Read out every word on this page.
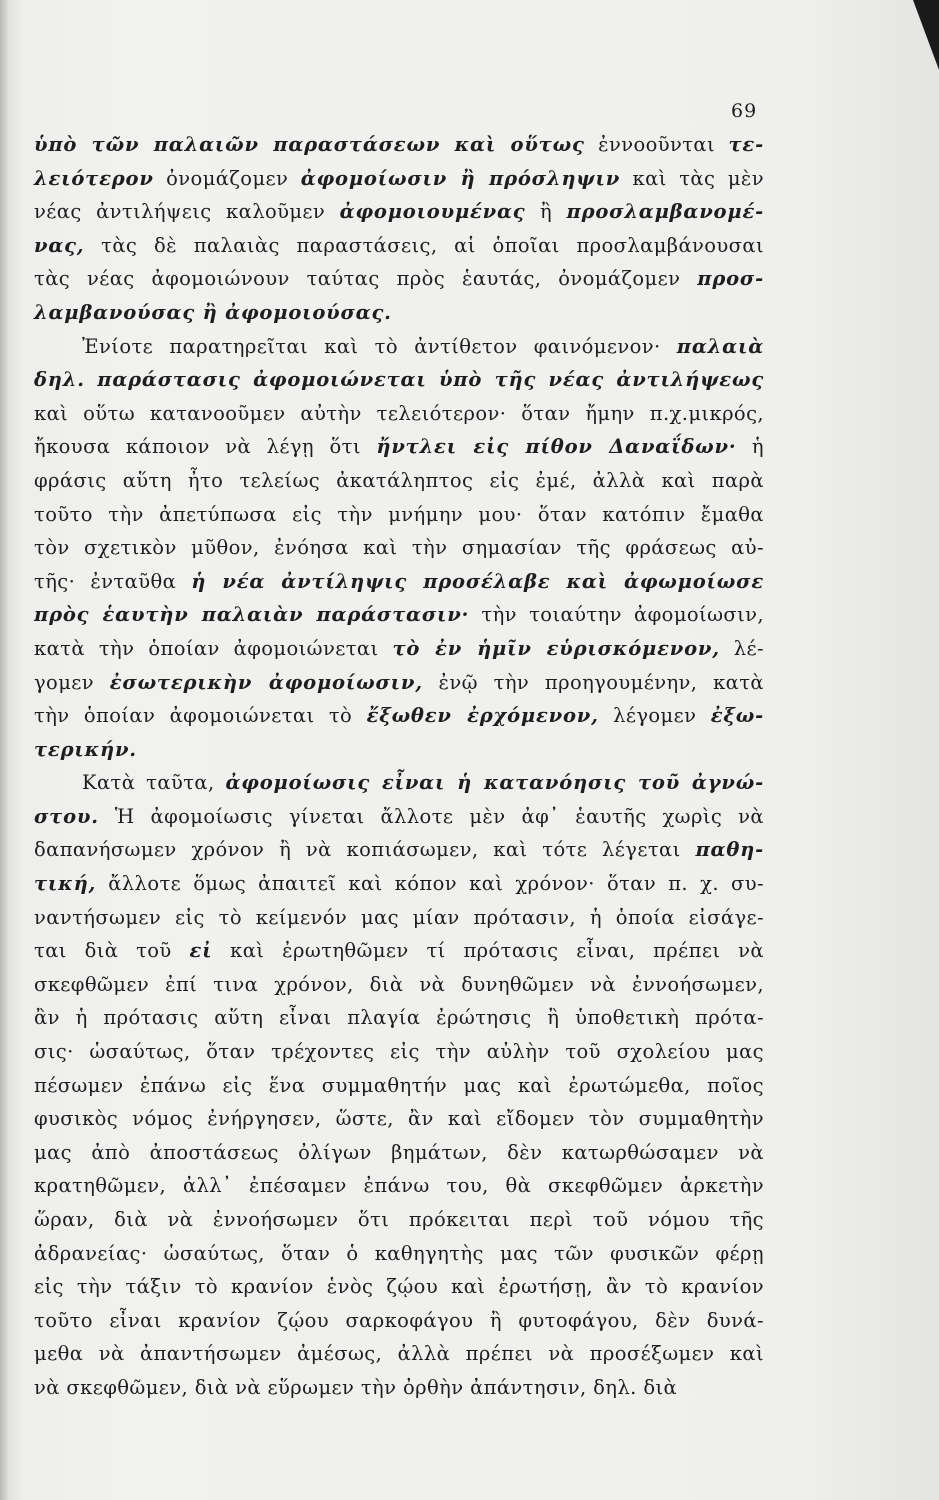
69
ὑπὸ τῶν παλαιῶν παραστάσεων καὶ οὕτως ἐννοοῦνται τε-
λειότερον ὀνομάζομεν ἀφομοίωσιν ἢ πρόσληψιν καὶ τὰς μὲν
νέας ἀντιλήψεις καλοῦμεν ἀφομοιουμένας ἢ προσλαμβανομέ-
νας, τὰς δὲ παλαιὰς παραστάσεις, αἱ ὁποῖαι προσλαμβάνουσαι
τὰς νέας ἀφομοιώνουν ταύτας πρὸς ἑαυτάς, ὀνομάζομεν προσ-
λαμβανούσας ἢ ἀφομοιούσας.
Ἐνίοτε παρατηρεῖται καὶ τὸ ἀντίθετον φαινόμενον· παλαιὰ
δηλ. παράστασις ἀφομοιώνεται ὑπὸ τῆς νέας ἀντιλήψεως
καὶ οὕτω κατανοοῦμεν αὐτὴν τελειότερον· ὅταν ἤμην π.χ.μικρός,
ἤκουσα κάποιον νὰ λέγῃ ὅτι ἤντλει εἰς πίθον Δαναΐδων· ἡ
φράσις αὕτη ἦτο τελείως ἀκατάληπτος εἰς ἐμέ, ἀλλὰ καὶ παρὰ
τοῦτο τὴν ἀπετύπωσα εἰς τὴν μνήμην μου· ὅταν κατόπιν ἔμαθα
τὸν σχετικὸν μῦθον, ἐνόησα καὶ τὴν σημασίαν τῆς φράσεως αὐ-
τῆς· ἐνταῦθα ἡ νέα ἀντίληψις προσέλαβε καὶ ἀφωμοίωσε
πρὸς ἑαυτὴν παλαιὰν παράστασιν· τὴν τοιαύτην ἀφομοίωσιν,
κατὰ τὴν ὁποίαν ἀφομοιώνεται τὸ ἐν ἡμῖν εὑρισκόμενον, λέ-
γομεν ἐσωτερικὴν ἀφομοίωσιν, ἐνῷ τὴν προηγουμένην, κατὰ
τὴν ὁποίαν ἀφομοιώνεται τὸ ἔξωθεν ἐρχόμενον, λέγομεν ἐξω-
τερικήν.
Κατὰ ταῦτα, ἀφομοίωσις εἶναι ἡ κατανόησις τοῦ ἀγνώ-
στου. Ἡ ἀφομοίωσις γίνεται ἄλλοτε μὲν ἀφ᾽ ἑαυτῆς χωρὶς νὰ
δαπανήσωμεν χρόνον ἢ νὰ κοπιάσωμεν, καὶ τότε λέγεται παθη-
τική, ἄλλοτε ὅμως ἀπαιτεῖ καὶ κόπον καὶ χρόνον· ὅταν π. χ. συ-
ναντήσωμεν εἰς τὸ κείμενόν μας μίαν πρότασιν, ἡ ὁποία εἰσάγε-
ται διὰ τοῦ εἰ καὶ ἐρωτηθῶμεν τί πρότασις εἶναι, πρέπει νὰ
σκεφθῶμεν ἐπί τινα χρόνον, διὰ νὰ δυνηθῶμεν νὰ ἐννοήσωμεν,
ἂν ἡ πρότασις αὕτη εἶναι πλαγία ἐρώτησις ἢ ὑποθετικὴ πρότα-
σις· ὡσαύτως, ὅταν τρέχοντες εἰς τὴν αὐλὴν τοῦ σχολείου μας
πέσωμεν ἐπάνω εἰς ἕνα συμμαθητήν μας καὶ ἐρωτώμεθα, ποῖος
φυσικὸς νόμος ἐνήργησεν, ὥστε, ἂν καὶ εἴδομεν τὸν συμμαθητὴν
μας ἀπὸ ἀποστάσεως ὀλίγων βημάτων, δὲν κατωρθώσαμεν νὰ
κρατηθῶμεν, ἀλλ᾽ ἐπέσαμεν ἐπάνω του, θὰ σκεφθῶμεν ἀρκετὴν
ὥραν, διὰ νὰ ἐννοήσωμεν ὅτι πρόκειται περὶ τοῦ νόμου τῆς
ἀδρανείας· ὡσαύτως, ὅταν ὁ καθηγητὴς μας τῶν φυσικῶν φέρῃ
εἰς τὴν τάξιν τὸ κρανίον ἑνὸς ζῴου καὶ ἐρωτήσῃ, ἂν τὸ κρανίον
τοῦτο εἶναι κρανίον ζῴου σαρκοφάγου ἢ φυτοφάγου, δὲν δυνά-
μεθα νὰ ἀπαντήσωμεν ἀμέσως, ἀλλὰ πρέπει νὰ προσέξωμεν καὶ
νὰ σκεφθῶμεν, διὰ νὰ εὕρωμεν τὴν ὀρθὴν ἀπάντησιν, δηλ. διὰ
